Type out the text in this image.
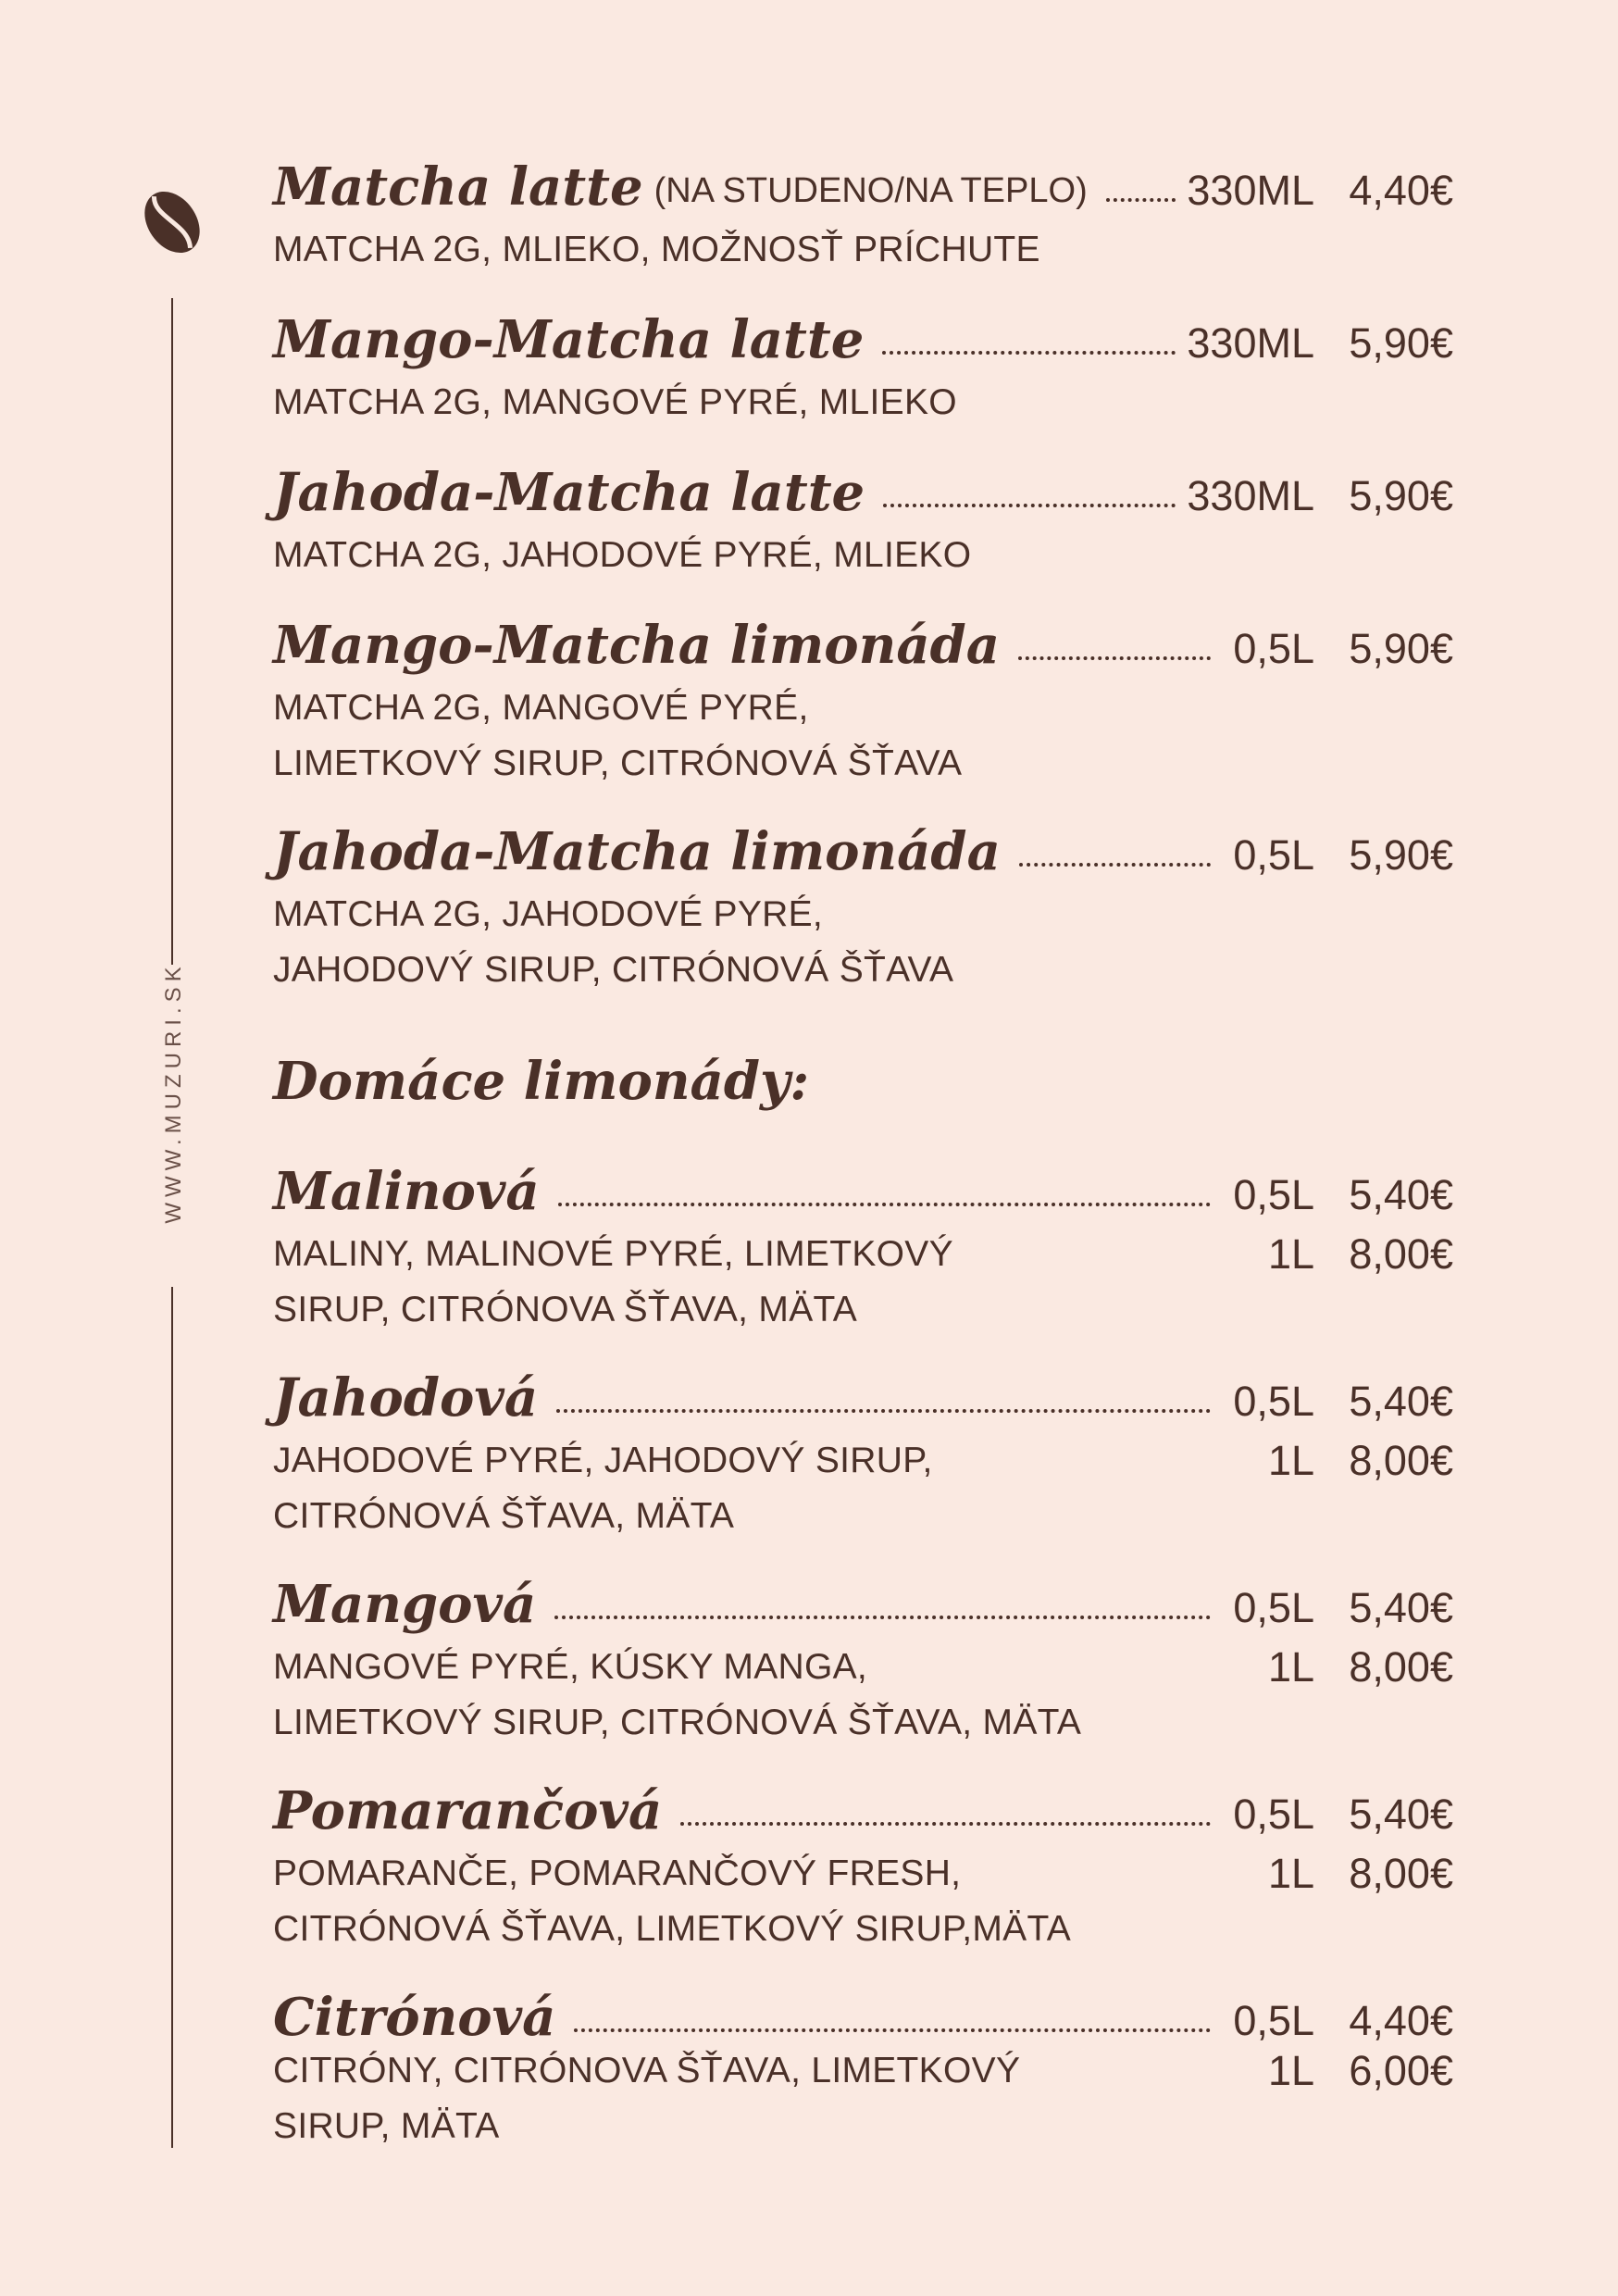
WWW.MUZURI.SK
Matcha latte (NA STUDENO/NA TEPLO) 330ML 4,40€
MATCHA 2G, MLIEKO, MOŽNOSŤ PRÍCHUTE
Mango-Matcha latte	330ML 5,90€
MATCHA 2G, MANGOVÉ PYRÉ, MLIEKO
Jahoda-Matcha latte	330ML 5,90€
MATCHA 2G, JAHODOVÉ PYRÉ, MLIEKO
Mango-Matcha limonáda	0,5L 5,90€
MATCHA 2G, MANGOVÉ PYRÉ,
LIMETKOVÝ SIRUP, CITRÓNOVÁ ŠŤAVA
Jahoda-Matcha limonáda	0,5L 5,90€
MATCHA 2G, JAHODOVÉ PYRÉ,
JAHODOVÝ SIRUP, CITRÓNOVÁ ŠŤAVA
Domáce limonády:
Malinová	0,5L 5,40€
MALINY, MALINOVÉ PYRÉ, LIMETKOVÝ
SIRUP, CITRÓNOVA ŠŤAVA, MÄTA
1L 8,00€
Jahodová	0,5L 5,40€
JAHODOVÉ PYRÉ, JAHODOVÝ SIRUP,
CITRÓNOVÁ ŠŤAVA, MÄTA
1L 8,00€
Mangová	0,5L 5,40€
MANGOVÉ PYRÉ, KÚSKY MANGA,
LIMETKOVÝ SIRUP, CITRÓNOVÁ ŠŤAVA, MÄTA
1L 8,00€
Pomarančová	0,5L 5,40€
POMARANČE, POMARANČOVÝ FRESH,
CITRÓNOVÁ ŠŤAVA, LIMETKOVÝ SIRUP,MÄTA
1L 8,00€
Citrónová	0,5L 4,40€
CITRÓNY, CITRÓNOVA ŠŤAVA, LIMETKOVÝ
SIRUP, MÄTA
1L 6,00€
